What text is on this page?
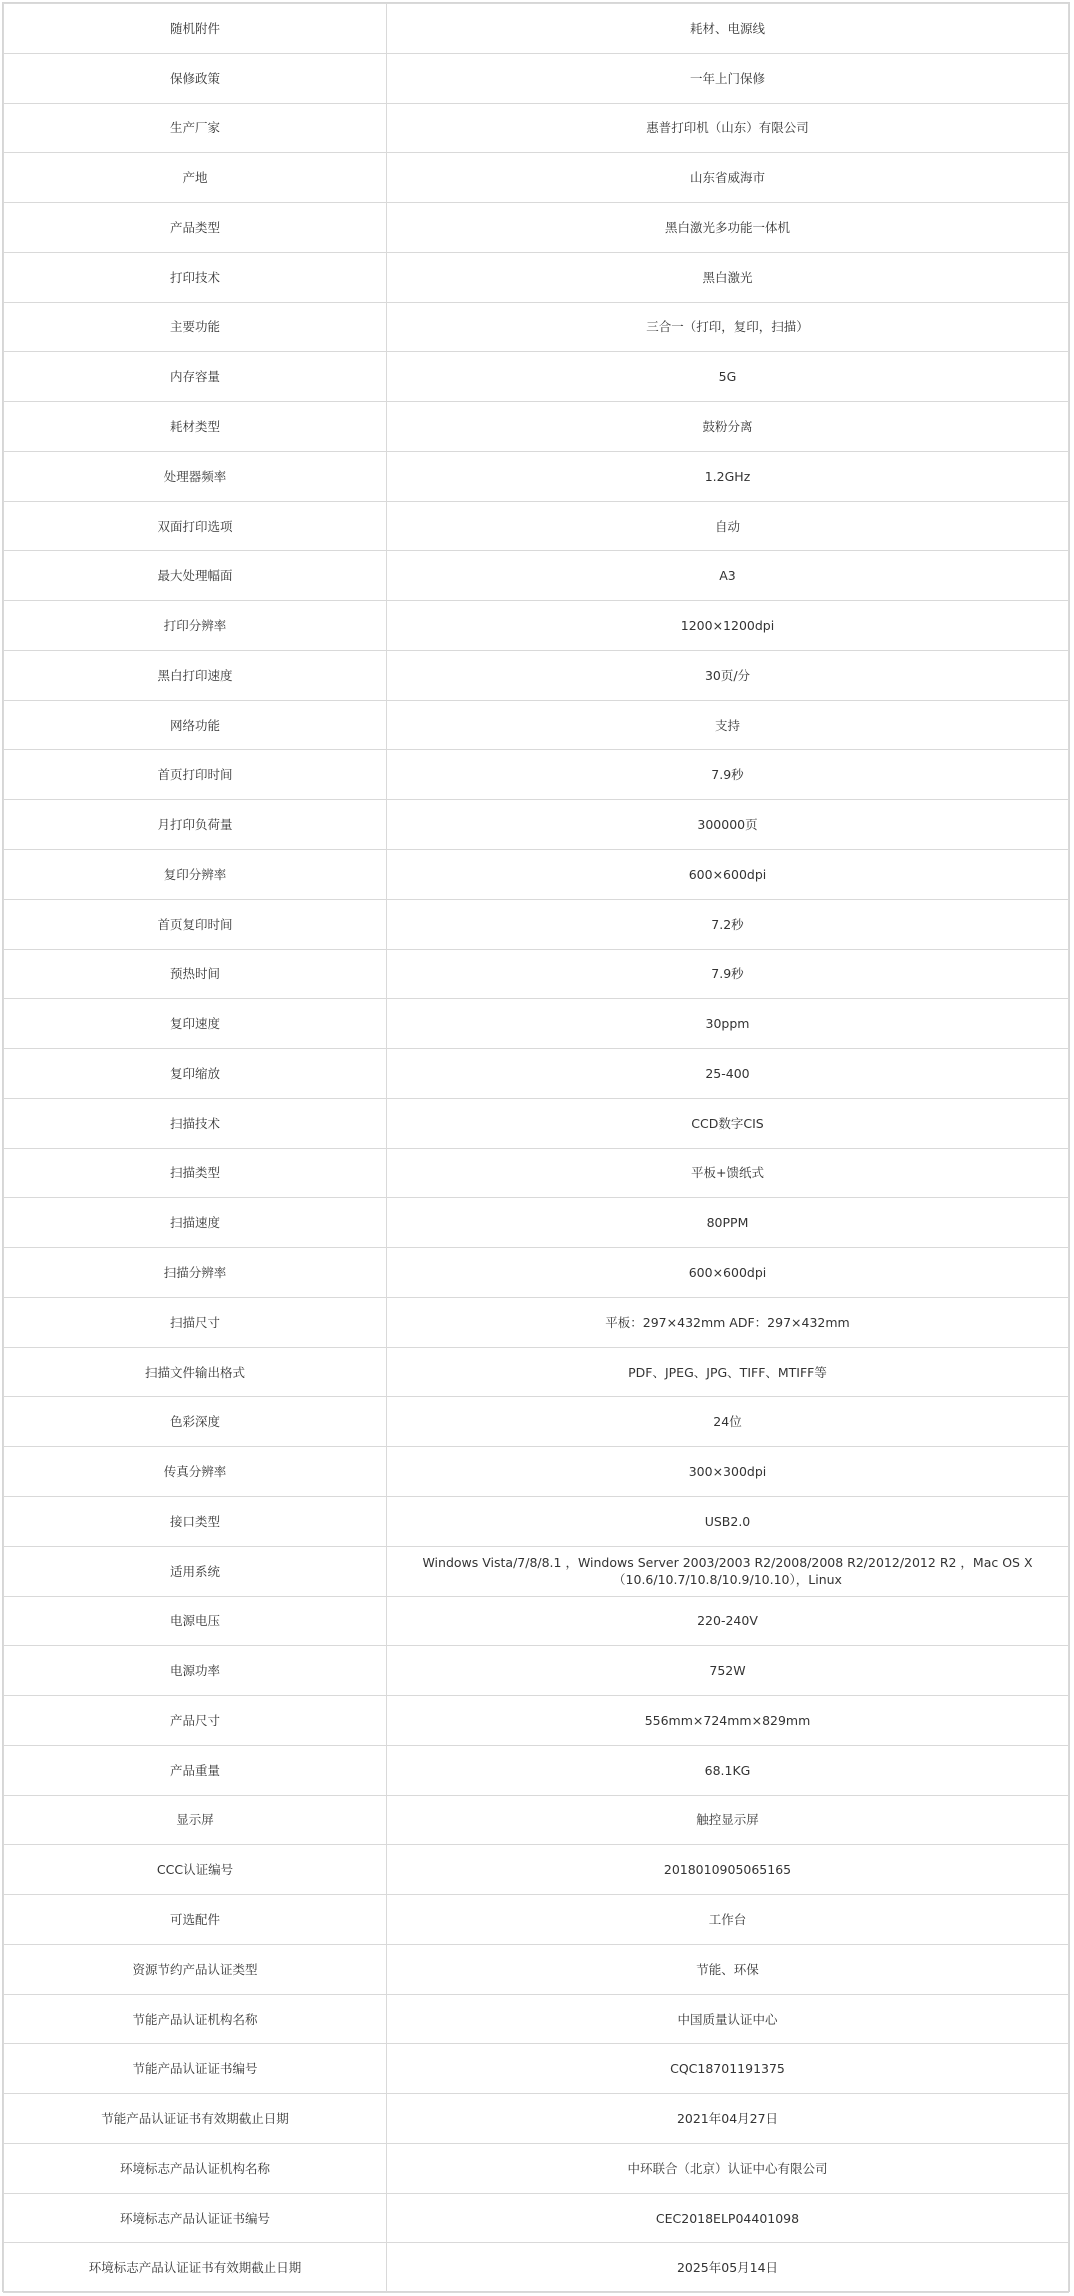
随机附件	耗材、电源线
保修政策	一年上门保修
生产厂家	惠普打印机（山东）有限公司
产地	山东省威海市
产品类型	黑白激光多功能一体机
打印技术	黑白激光
主要功能	三合一（打印，复印，扫描）
内存容量	5G
耗材类型	鼓粉分离
处理器频率	1.2GHz
双面打印选项	自动
最大处理幅面	A3
打印分辨率	1200×1200dpi
黑白打印速度	30页/分
网络功能	支持
首页打印时间	7.9秒
月打印负荷量	300000页
复印分辨率	600×600dpi
首页复印时间	7.2秒
预热时间	7.9秒
复印速度	30ppm
复印缩放	25-400
扫描技术	CCD数字CIS
扫描类型	平板+馈纸式
扫描速度	80PPM
扫描分辨率	600×600dpi
扫描尺寸	平板：297×432mm ADF：297×432mm
扫描文件输出格式	PDF、JPEG、JPG、TIFF、MTIFF等
色彩深度	24位
传真分辨率	300×300dpi
接口类型	USB2.0
适用系统	Windows Vista/7/8/8.1 ，Windows Server 2003/2003 R2/2008/2008 R2/2012/2012 R2 ，Mac OS X （10.6/10.7/10.8/10.9/10.10），Linux
电源电压	220-240V
电源功率	752W
产品尺寸	556mm×724mm×829mm
产品重量	68.1KG
显示屏	触控显示屏
CCC认证编号	2018010905065165
可选配件	工作台
资源节约产品认证类型	节能、环保
节能产品认证机构名称	中国质量认证中心
节能产品认证证书编号	CQC18701191375
节能产品认证证书有效期截止日期	2021年04月27日
环境标志产品认证机构名称	中环联合（北京）认证中心有限公司
环境标志产品认证证书编号	CEC2018ELP04401098
环境标志产品认证证书有效期截止日期	2025年05月14日
